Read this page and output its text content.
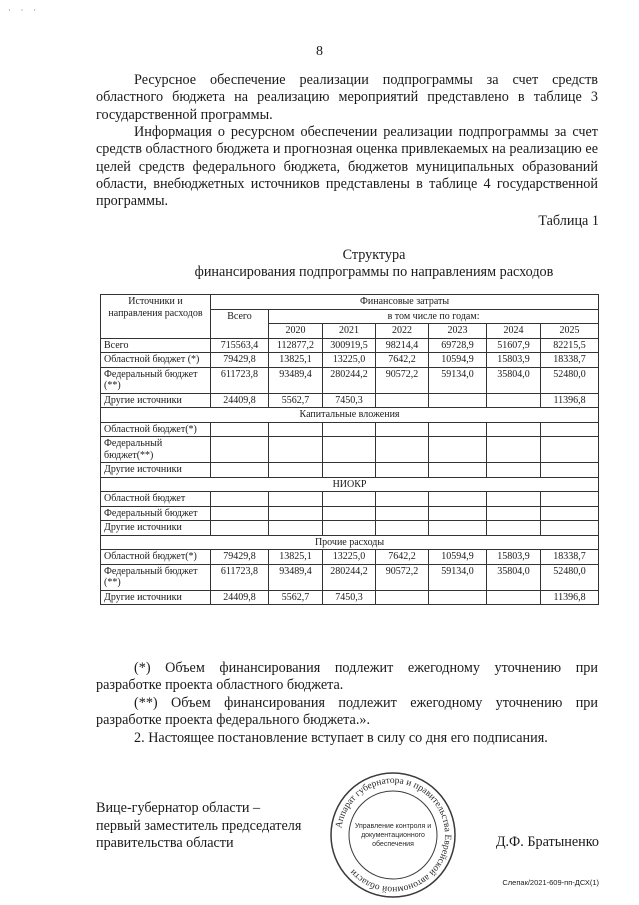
· · ·
8

Ресурсное обеспечение реализации подпрограммы за счет средств областного бюджета на реализацию мероприятий представлено в таблице 3 государственной программы.

Информация о ресурсном обеспечении реализации подпрограммы за счет средств областного бюджета и прогнозная оценка привлекаемых на реализацию ее целей средств федерального бюджета, бюджетов муниципальных образований области, внебюджетных источников представлены в таблице 4 государственной программы.

Таблица 1
Структура
финансирования подпрограммы по направлениям расходов
Источники и направления расходов	Финансовые затраты						
	Всего	в том числе по годам:					
		2020	2021	2022	2023	2024	2025
Всего	715563,4	112877,2	300919,5	98214,4	69728,9	51607,9	82215,5
Областной бюджет (*)	79429,8	13825,1	13225,0	7642,2	10594,9	15803,9	18338,7
Федеральный бюджет (**)	611723,8	93489,4	280244,2	90572,2	59134,0	35804,0	52480,0
Другие источники	24409,8	5562,7	7450,3				11396,8
Капитальные вложения							
Областной бюджет(*)							
Федеральный бюджет(**)							
Другие источники							
НИОКР							
Областной бюджет							
Федеральный бюджет							
Другие источники							
Прочие расходы							
Областной бюджет(*)	79429,8	13825,1	13225,0	7642,2	10594,9	15803,9	18338,7
Федеральный бюджет (**)	611723,8	93489,4	280244,2	90572,2	59134,0	35804,0	52480,0
Другие источники	24409,8	5562,7	7450,3				11396,8

(*) Объем финансирования подлежит ежегодному уточнению при разработке проекта областного бюджета.

(**) Объем финансирования подлежит ежегодному уточнению при разработке проекта федерального бюджета.».

2. Настоящее постановление вступает в силу со дня его подписания.

Вице-губернатор области –
первый заместитель председателя
правительства области
Аппарат губернатора и правительства Еврейской автономной области
Управление контроля и
документационного
обеспечения	Д.Ф. Братыненко
Слепак/2021-609-пп-ДСХ(1)
